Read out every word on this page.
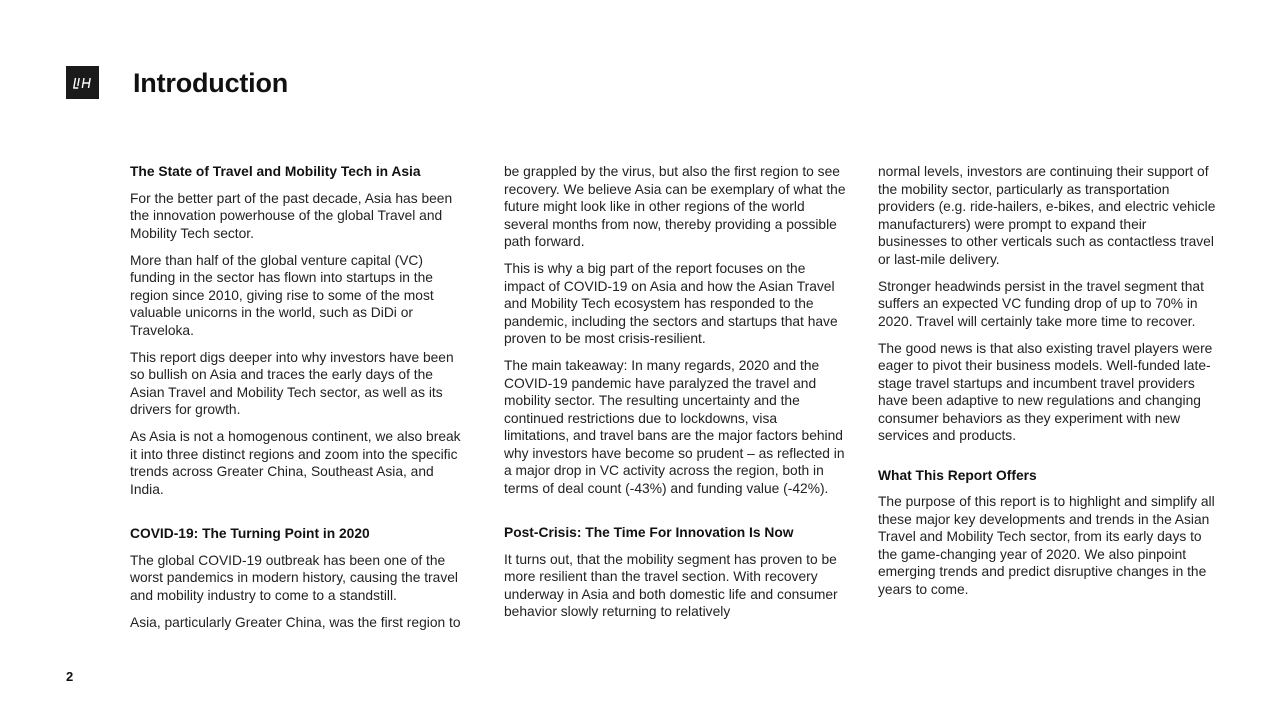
Introduction
The State of Travel and Mobility Tech in Asia

For the better part of the past decade, Asia has been the innovation powerhouse of the global Travel and Mobility Tech sector.

More than half of the global venture capital (VC) funding in the sector has flown into startups in the region since 2010, giving rise to some of the most valuable unicorns in the world, such as DiDi or Traveloka.

This report digs deeper into why investors have been so bullish on Asia and traces the early days of the Asian Travel and Mobility Tech sector, as well as its drivers for growth.

As Asia is not a homogenous continent, we also break it into three distinct regions and zoom into the specific trends across Greater China, Southeast Asia, and India.

COVID-19: The Turning Point in 2020

The global COVID-19 outbreak has been one of the worst pandemics in modern history, causing the travel and mobility industry to come to a standstill.

Asia, particularly Greater China, was the first region to

be grappled by the virus, but also the first region to see recovery. We believe Asia can be exemplary of what the future might look like in other regions of the world several months from now, thereby providing a possible path forward.

This is why a big part of the report focuses on the impact of COVID-19 on Asia and how the Asian Travel and Mobility Tech ecosystem has responded to the pandemic, including the sectors and startups that have proven to be most crisis-resilient.

The main takeaway: In many regards, 2020 and the COVID-19 pandemic have paralyzed the travel and mobility sector. The resulting uncertainty and the continued restrictions due to lockdowns, visa limitations, and travel bans are the major factors behind why investors have become so prudent – as reflected in a major drop in VC activity across the region, both in terms of deal count (-43%) and funding value (-42%).

Post-Crisis: The Time For Innovation Is Now

It turns out, that the mobility segment has proven to be more resilient than the travel section. With recovery underway in Asia and both domestic life and consumer behavior slowly returning to relatively

normal levels, investors are continuing their support of the mobility sector, particularly as transportation providers (e.g. ride-hailers, e-bikes, and electric vehicle manufacturers) were prompt to expand their businesses to other verticals such as contactless travel or last-mile delivery.

Stronger headwinds persist in the travel segment that suffers an expected VC funding drop of up to 70% in 2020. Travel will certainly take more time to recover.

The good news is that also existing travel players were eager to pivot their business models. Well-funded late-stage travel startups and incumbent travel providers have been adaptive to new regulations and changing consumer behaviors as they experiment with new services and products.

What This Report Offers

The purpose of this report is to highlight and simplify all these major key developments and trends in the Asian Travel and Mobility Tech sector, from its early days to the game-changing year of 2020. We also pinpoint emerging trends and predict disruptive changes in the years to come.

2
